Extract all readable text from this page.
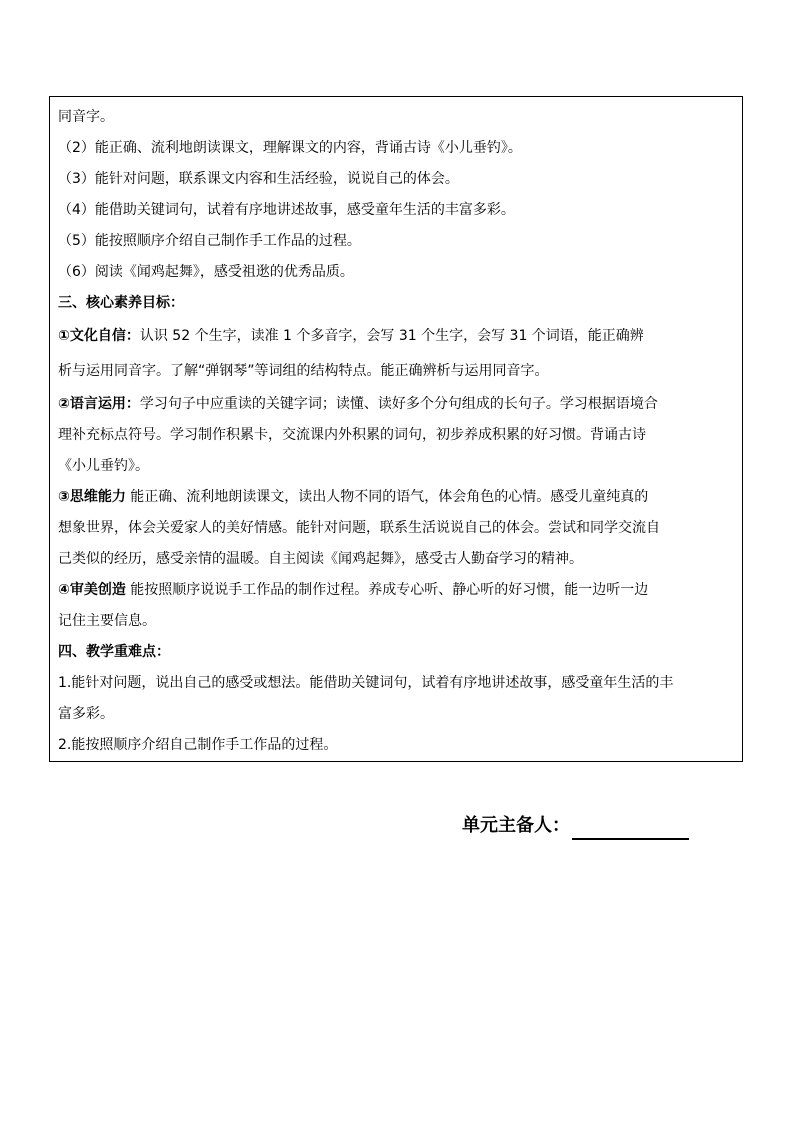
同音字。
（2）能正确、流利地朗读课文，理解课文的内容，背诵古诗《小儿垂钓》。
（3）能针对问题，联系课文内容和生活经验，说说自己的体会。
（4）能借助关键词句，试着有序地讲述故事，感受童年生活的丰富多彩。
（5）能按照顺序介绍自己制作手工作品的过程。
（6）阅读《闻鸡起舞》，感受祖逖的优秀品质。
三、核心素养目标：
①文化自信：认识 52 个生字，读准 1 个多音字，会写 31 个生字，会写 31 个词语，能正确辨
析与运用同音字。了解“弹钢琴”等词组的结构特点。能正确辨析与运用同音字。
②语言运用：学习句子中应重读的关键字词；读懂、读好多个分句组成的长句子。学习根据语境合
理补充标点符号。学习制作积累卡，交流课内外积累的词句，初步养成积累的好习惯。背诵古诗
《小儿垂钓》。
③思维能力 能正确、流利地朗读课文，读出人物不同的语气，体会角色的心情。感受儿童纯真的
想象世界，体会关爱家人的美好情感。能针对问题，联系生活说说自己的体会。尝试和同学交流自
己类似的经历，感受亲情的温暖。自主阅读《闻鸡起舞》，感受古人勤奋学习的精神。
④审美创造 能按照顺序说说手工作品的制作过程。养成专心听、静心听的好习惯，能一边听一边
记住主要信息。
四、教学重难点：
1.能针对问题，说出自己的感受或想法。能借助关键词句，试着有序地讲述故事，感受童年生活的丰
富多彩。
2.能按照顺序介绍自己制作手工作品的过程。
单元主备人：
